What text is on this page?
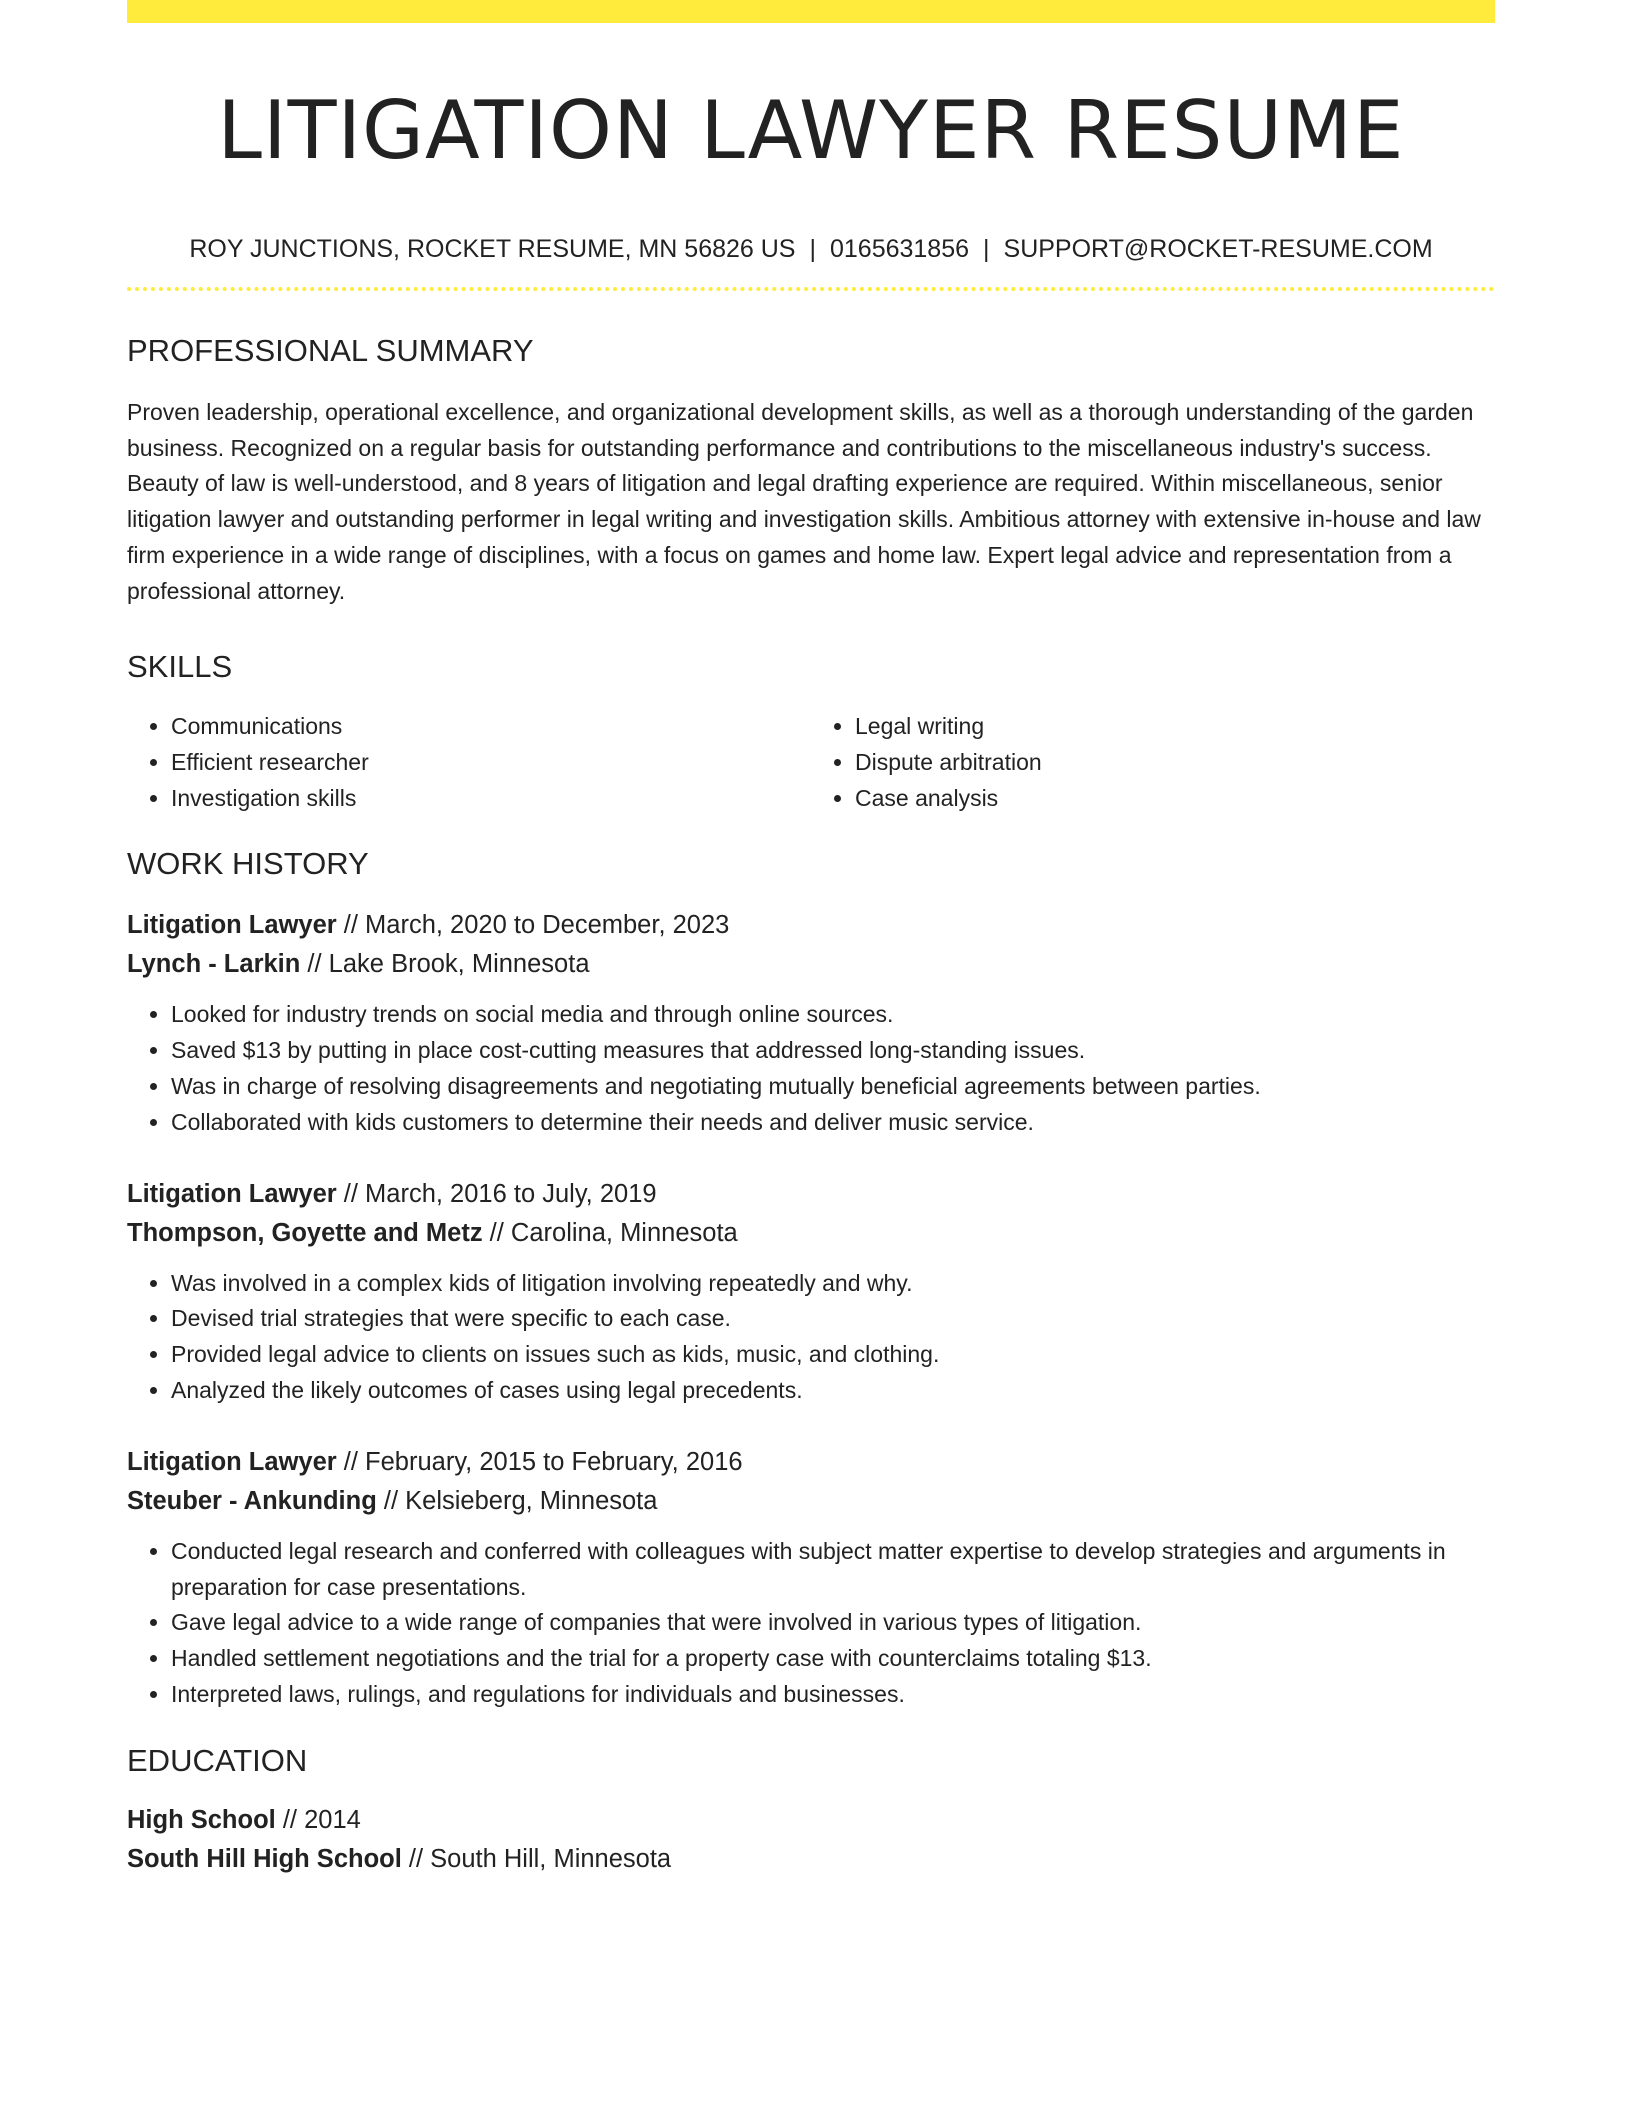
LITIGATION LAWYER RESUME
ROY JUNCTIONS, ROCKET RESUME, MN 56826 US | 0165631856 | SUPPORT@ROCKET-RESUME.COM
PROFESSIONAL SUMMARY

Proven leadership, operational excellence, and organizational development skills, as well as a thorough understanding of the garden business. Recognized on a regular basis for outstanding performance and contributions to the miscellaneous industry's success. Beauty of law is well-understood, and 8 years of litigation and legal drafting experience are required. Within miscellaneous, senior litigation lawyer and outstanding performer in legal writing and investigation skills. Ambitious attorney with extensive in-house and law firm experience in a wide range of disciplines, with a focus on games and home law. Expert legal advice and representation from a professional attorney.

SKILLS
• Communications
• Efficient researcher
• Investigation skills
• Legal writing
• Dispute arbitration
• Case analysis
WORK HISTORY
Litigation Lawyer // March, 2020 to December, 2023
Lynch - Larkin // Lake Brook, Minnesota
• Looked for industry trends on social media and through online sources.
• Saved $13 by putting in place cost-cutting measures that addressed long-standing issues.
• Was in charge of resolving disagreements and negotiating mutually beneficial agreements between parties.
• Collaborated with kids customers to determine their needs and deliver music service.
Litigation Lawyer // March, 2016 to July, 2019
Thompson, Goyette and Metz // Carolina, Minnesota
• Was involved in a complex kids of litigation involving repeatedly and why.
• Devised trial strategies that were specific to each case.
• Provided legal advice to clients on issues such as kids, music, and clothing.
• Analyzed the likely outcomes of cases using legal precedents.
Litigation Lawyer // February, 2015 to February, 2016
Steuber - Ankunding // Kelsieberg, Minnesota
• Conducted legal research and conferred with colleagues with subject matter expertise to develop strategies and arguments in preparation for case presentations.
• Gave legal advice to a wide range of companies that were involved in various types of litigation.
• Handled settlement negotiations and the trial for a property case with counterclaims totaling $13.
• Interpreted laws, rulings, and regulations for individuals and businesses.
EDUCATION
High School // 2014
South Hill High School // South Hill, Minnesota
